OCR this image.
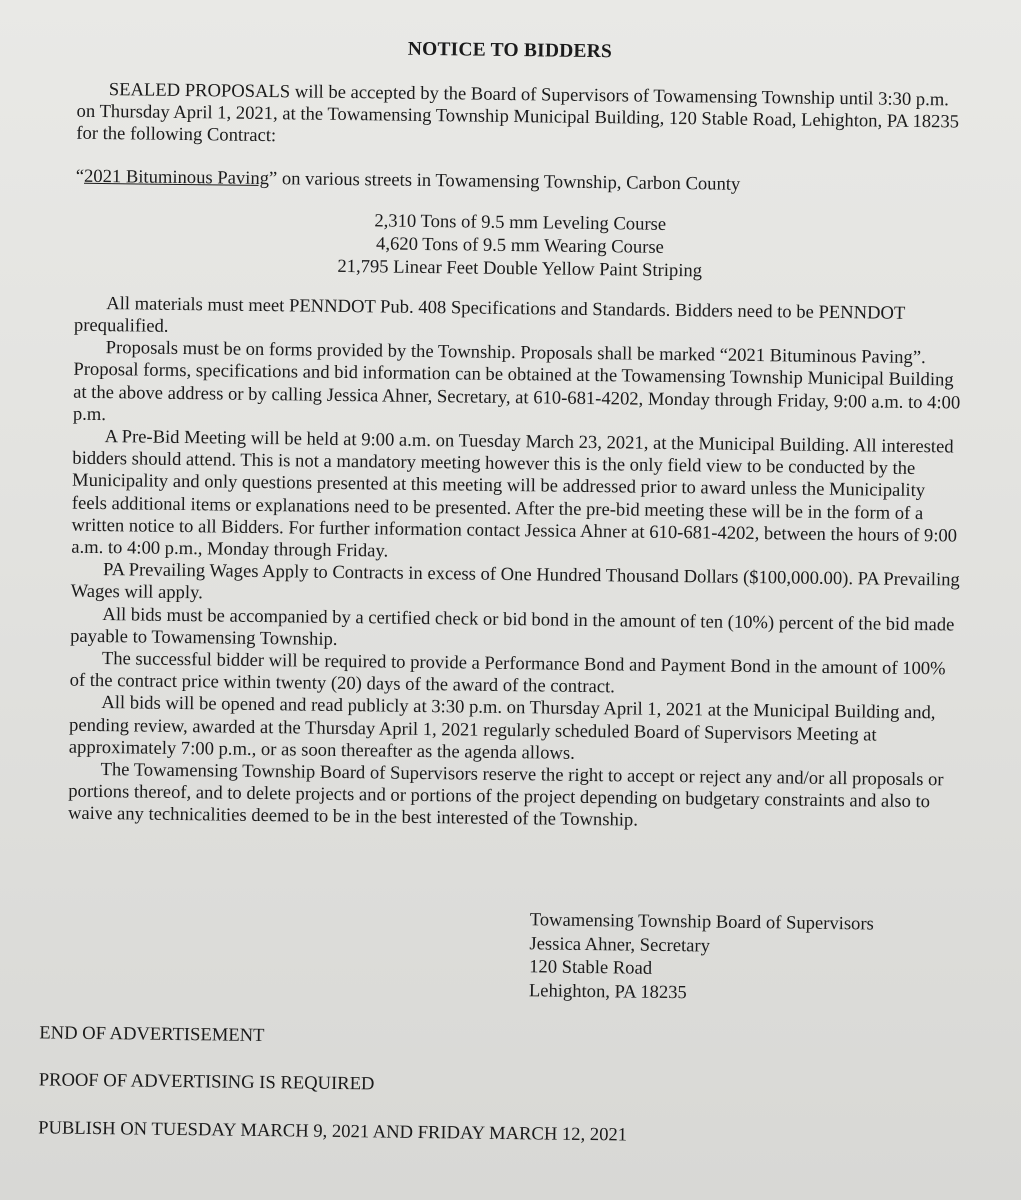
NOTICE TO BIDDERS

SEALED PROPOSALS will be accepted by the Board of Supervisors of Towamensing Township until 3:30 p.m. on Thursday April 1, 2021, at the Towamensing Township Municipal Building, 120 Stable Road, Lehighton, PA 18235 for the following Contract:

“2021 Bituminous Paving” on various streets in Towamensing Township, Carbon County

2,310 Tons of 9.5 mm Leveling Course
4,620 Tons of 9.5 mm Wearing Course
21,795 Linear Feet Double Yellow Paint Striping

All materials must meet PENNDOT Pub. 408 Specifications and Standards. Bidders need to be PENNDOT prequalified.

Proposals must be on forms provided by the Township. Proposals shall be marked “2021 Bituminous Paving”. Proposal forms, specifications and bid information can be obtained at the Towamensing Township Municipal Building at the above address or by calling Jessica Ahner, Secretary, at 610-681-4202, Monday through Friday, 9:00 a.m. to 4:00 p.m.

A Pre-Bid Meeting will be held at 9:00 a.m. on Tuesday March 23, 2021, at the Municipal Building. All interested bidders should attend. This is not a mandatory meeting however this is the only field view to be conducted by the Municipality and only questions presented at this meeting will be addressed prior to award unless the Municipality feels additional items or explanations need to be presented. After the pre-bid meeting these will be in the form of a written notice to all Bidders. For further information contact Jessica Ahner at 610-681-4202, between the hours of 9:00 a.m. to 4:00 p.m., Monday through Friday.

PA Prevailing Wages Apply to Contracts in excess of One Hundred Thousand Dollars ($100,000.00). PA Prevailing Wages will apply.

All bids must be accompanied by a certified check or bid bond in the amount of ten (10%) percent of the bid made payable to Towamensing Township.

The successful bidder will be required to provide a Performance Bond and Payment Bond in the amount of 100% of the contract price within twenty (20) days of the award of the contract.

All bids will be opened and read publicly at 3:30 p.m. on Thursday April 1, 2021 at the Municipal Building and, pending review, awarded at the Thursday April 1, 2021 regularly scheduled Board of Supervisors Meeting at approximately 7:00 p.m., or as soon thereafter as the agenda allows.

The Towamensing Township Board of Supervisors reserve the right to accept or reject any and/or all proposals or portions thereof, and to delete projects and or portions of the project depending on budgetary constraints and also to waive any technicalities deemed to be in the best interested of the Township.

Towamensing Township Board of Supervisors
Jessica Ahner, Secretary
120 Stable Road
Lehighton, PA 18235
END OF ADVERTISEMENT
PROOF OF ADVERTISING IS REQUIRED
PUBLISH ON TUESDAY MARCH 9, 2021 AND FRIDAY MARCH 12, 2021
